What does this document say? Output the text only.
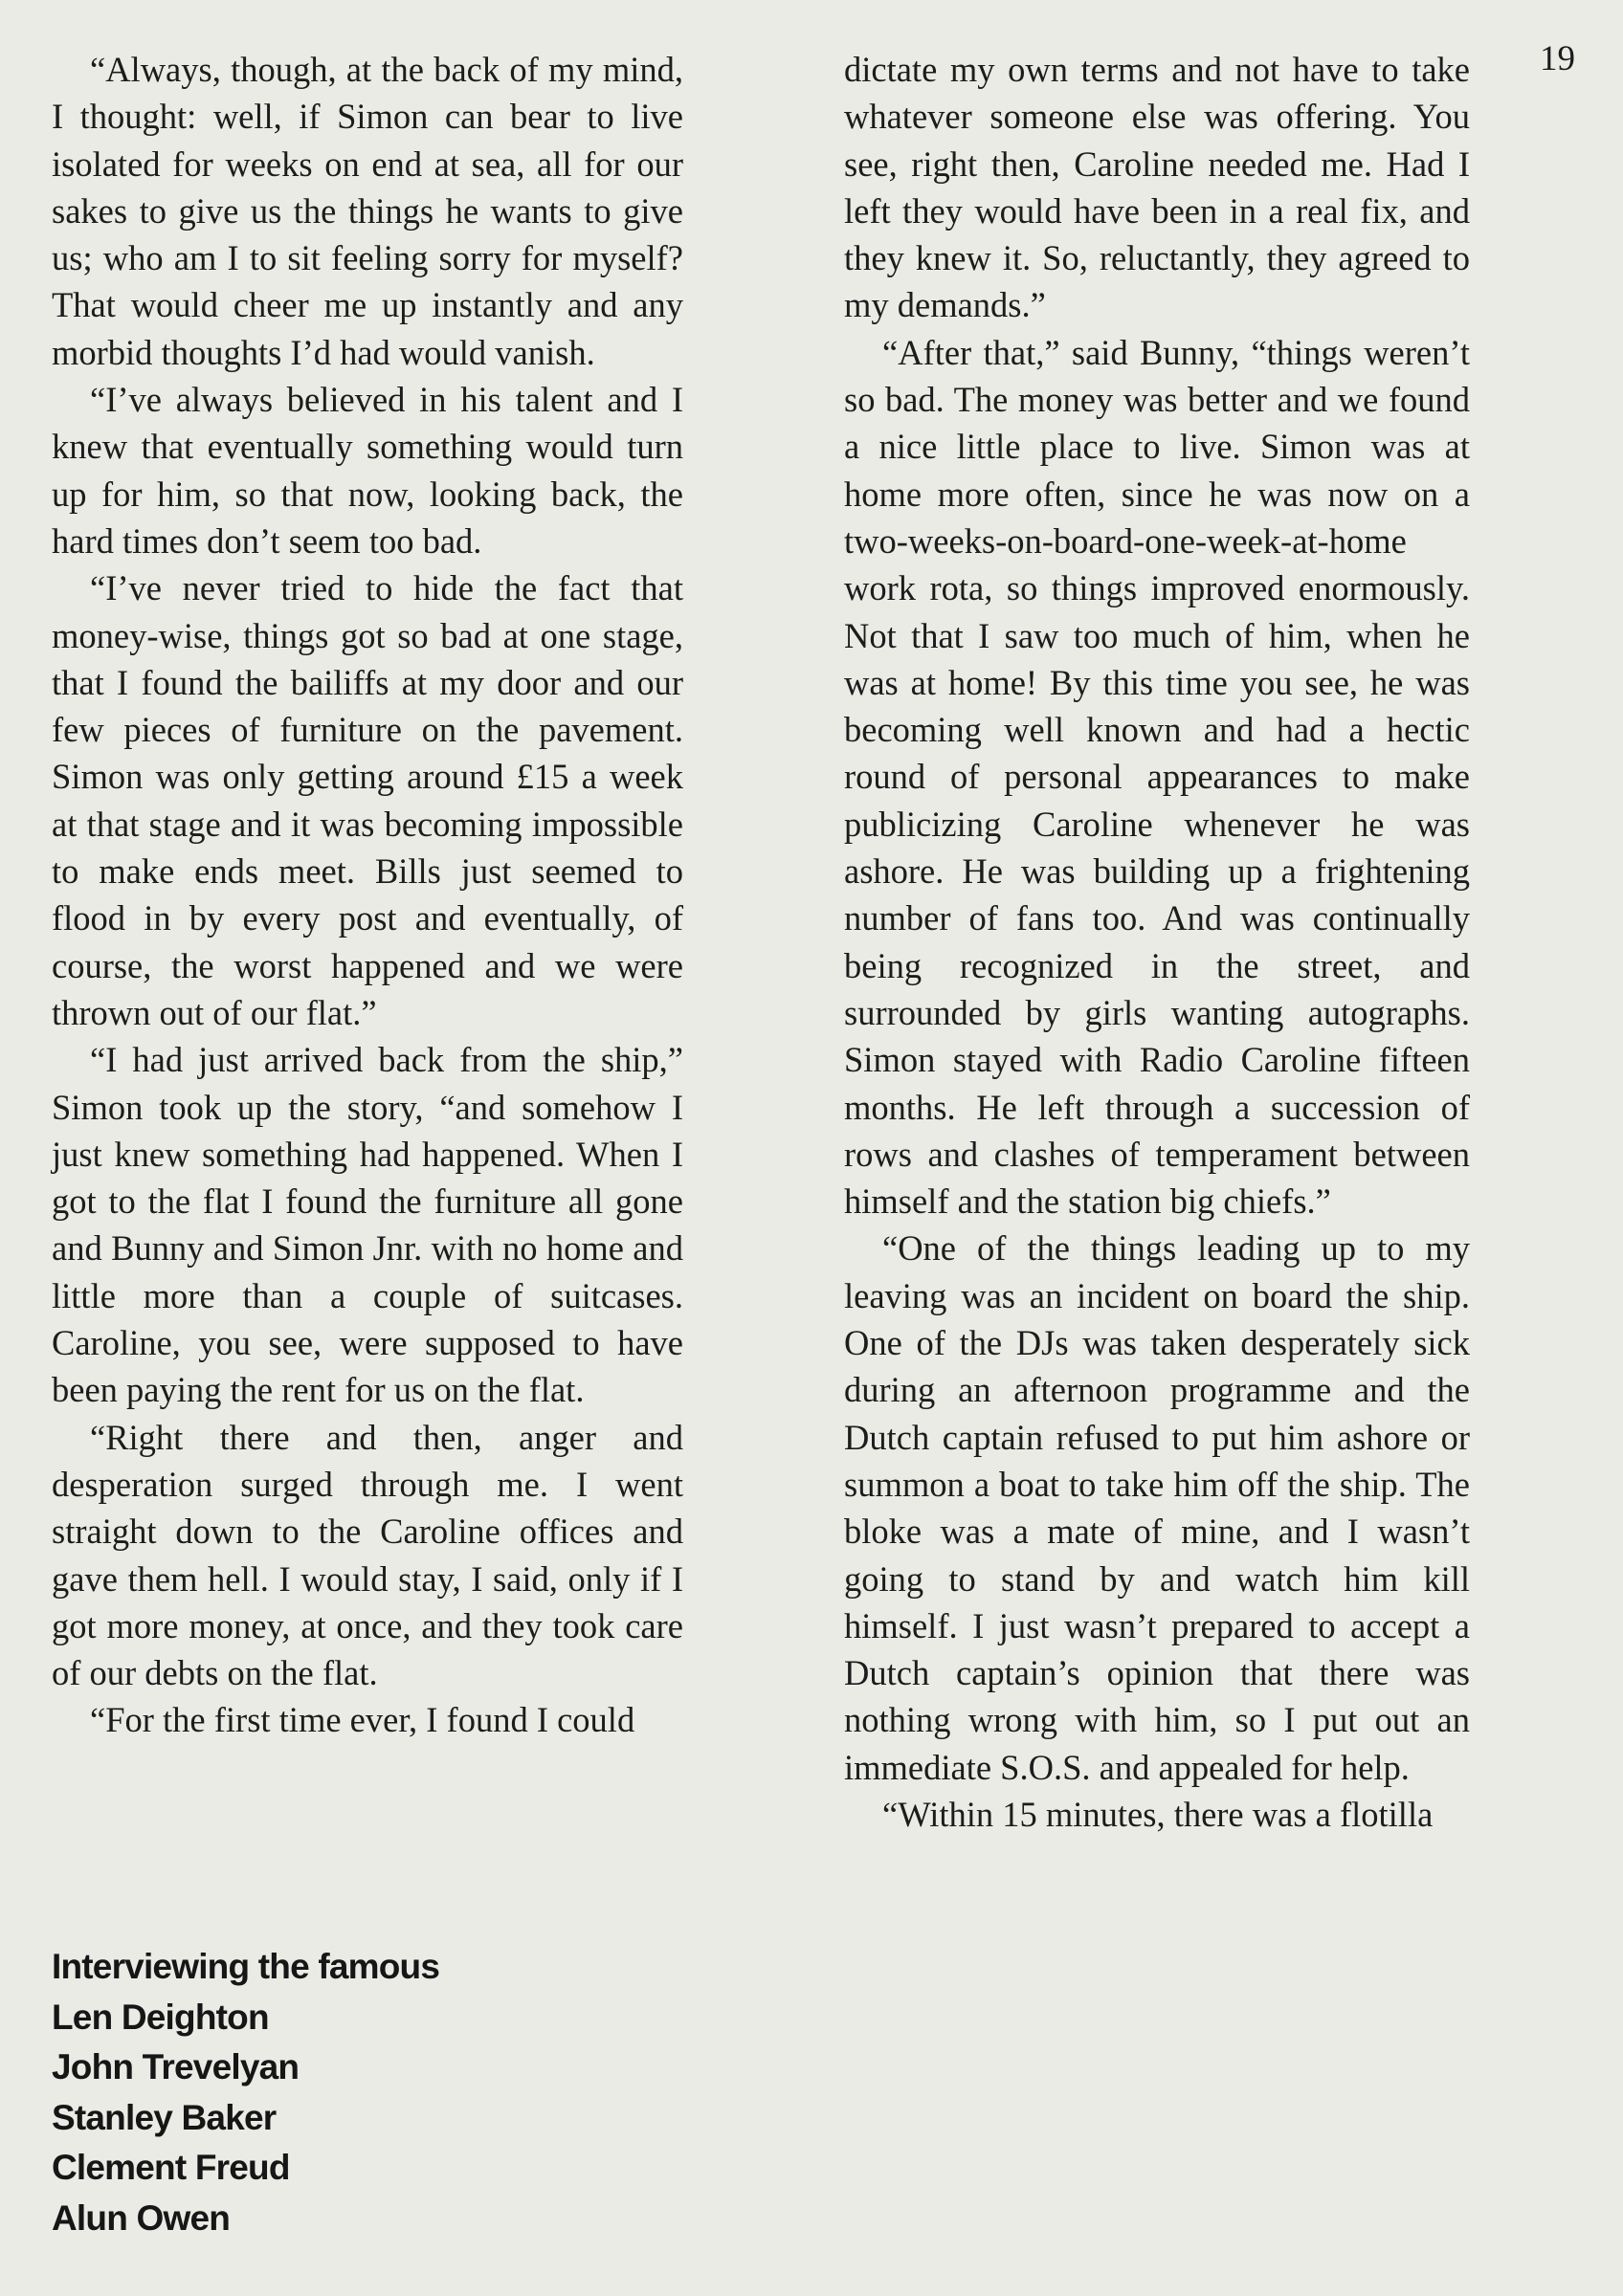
19

“Always, though, at the back of my mind, I thought: well, if Simon can bear to live isolated for weeks on end at sea, all for our sakes to give us the things he wants to give us; who am I to sit feeling sorry for myself? That would cheer me up instantly and any morbid thoughts I’d had would vanish.

“I’ve always believed in his talent and I knew that eventually something would turn up for him, so that now, looking back, the hard times don’t seem too bad.

“I’ve never tried to hide the fact that money-wise, things got so bad at one stage, that I found the bailiffs at my door and our few pieces of furniture on the pavement. Simon was only getting around £15 a week at that stage and it was becoming impossible to make ends meet. Bills just seemed to flood in by every post and eventually, of course, the worst happened and we were thrown out of our flat.”

“I had just arrived back from the ship,” Simon took up the story, “and somehow I just knew something had happened. When I got to the flat I found the furniture all gone and Bunny and Simon Jnr. with no home and little more than a couple of suitcases. Caroline, you see, were supposed to have been paying the rent for us on the flat.

“Right there and then, anger and desperation surged through me. I went straight down to the Caroline offices and gave them hell. I would stay, I said, only if I got more money, at once, and they took care of our debts on the flat.

“For the first time ever, I found I could

dictate my own terms and not have to take whatever someone else was offering. You see, right then, Caroline needed me. Had I left they would have been in a real fix, and they knew it. So, reluctantly, they agreed to my demands.”

“After that,” said Bunny, “things weren’t so bad. The money was better and we found a nice little place to live. Simon was at home more often, since he was now on a two-weeks-on-board-one-week-at-home work rota, so things improved enormously. Not that I saw too much of him, when he was at home! By this time you see, he was becoming well known and had a hectic round of personal appearances to make publicizing Caroline whenever he was ashore. He was building up a frightening number of fans too. And was continually being recognized in the street, and surrounded by girls wanting autographs. Simon stayed with Radio Caroline fifteen months. He left through a succession of rows and clashes of temperament between himself and the station big chiefs.”

“One of the things leading up to my leaving was an incident on board the ship. One of the DJs was taken desperately sick during an afternoon programme and the Dutch captain refused to put him ashore or summon a boat to take him off the ship. The bloke was a mate of mine, and I wasn’t going to stand by and watch him kill himself. I just wasn’t prepared to accept a Dutch captain’s opinion that there was nothing wrong with him, so I put out an immediate S.O.S. and appealed for help.

“Within 15 minutes, there was a flotilla

Interviewing the famous
Len Deighton
John Trevelyan
Stanley Baker
Clement Freud
Alun Owen
